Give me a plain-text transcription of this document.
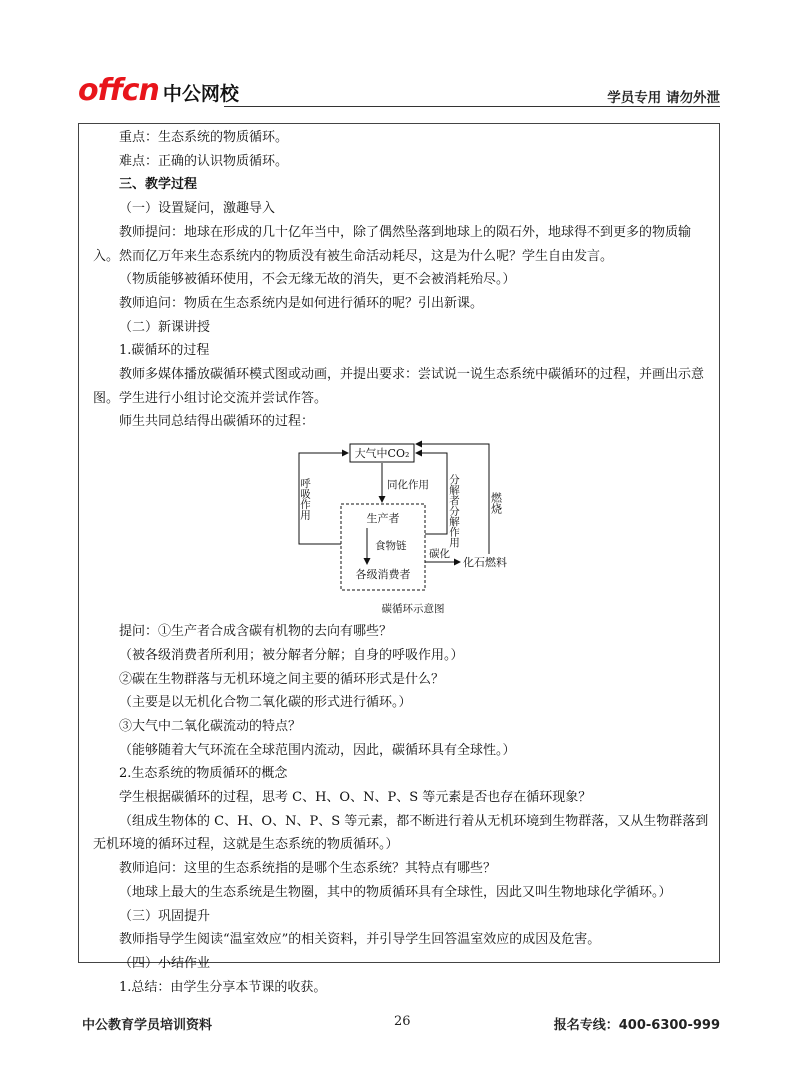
offcn 中公网校	学员专用 请勿外泄

重点：生态系统的物质循环。

难点：正确的认识物质循环。

三、教学过程

（一）设置疑问，激趣导入

教师提问：地球在形成的几十亿年当中，除了偶然坠落到地球上的陨石外，地球得不到更多的物质输入。然而亿万年来生态系统内的物质没有被生命活动耗尽，这是为什么呢？学生自由发言。

（物质能够被循环使用，不会无缘无故的消失，更不会被消耗殆尽。）

教师追问：物质在生态系统内是如何进行循环的呢？引出新课。

（二）新课讲授

1.碳循环的过程

教师多媒体播放碳循环模式图或动画，并提出要求：尝试说一说生态系统中碳循环的过程，并画出示意图。学生进行小组讨论交流并尝试作答。

师生共同总结得出碳循环的过程：

大气中CO₂
生产者
各级消费者
同化作用
食物链
呼吸作用	分解者分解作用	燃烧
碳化
化石燃料
碳循环示意图

提问：①生产者合成含碳有机物的去向有哪些？

（被各级消费者所利用；被分解者分解；自身的呼吸作用。）

②碳在生物群落与无机环境之间主要的循环形式是什么？

（主要是以无机化合物二氧化碳的形式进行循环。）

③大气中二氧化碳流动的特点？

（能够随着大气环流在全球范围内流动，因此，碳循环具有全球性。）

2.生态系统的物质循环的概念

学生根据碳循环的过程，思考 C、H、O、N、P、S 等元素是否也存在循环现象？

（组成生物体的 C、H、O、N、P、S 等元素，都不断进行着从无机环境到生物群落，又从生物群落到无机环境的循环过程，这就是生态系统的物质循环。）

教师追问：这里的生态系统指的是哪个生态系统？其特点有哪些？

（地球上最大的生态系统是生物圈，其中的物质循环具有全球性，因此又叫生物地球化学循环。）

（三）巩固提升

教师指导学生阅读“温室效应”的相关资料，并引导学生回答温室效应的成因及危害。

（四）小结作业

1.总结：由学生分享本节课的收获。

中公教育学员培训资料	26	报名专线：400-6300-999
